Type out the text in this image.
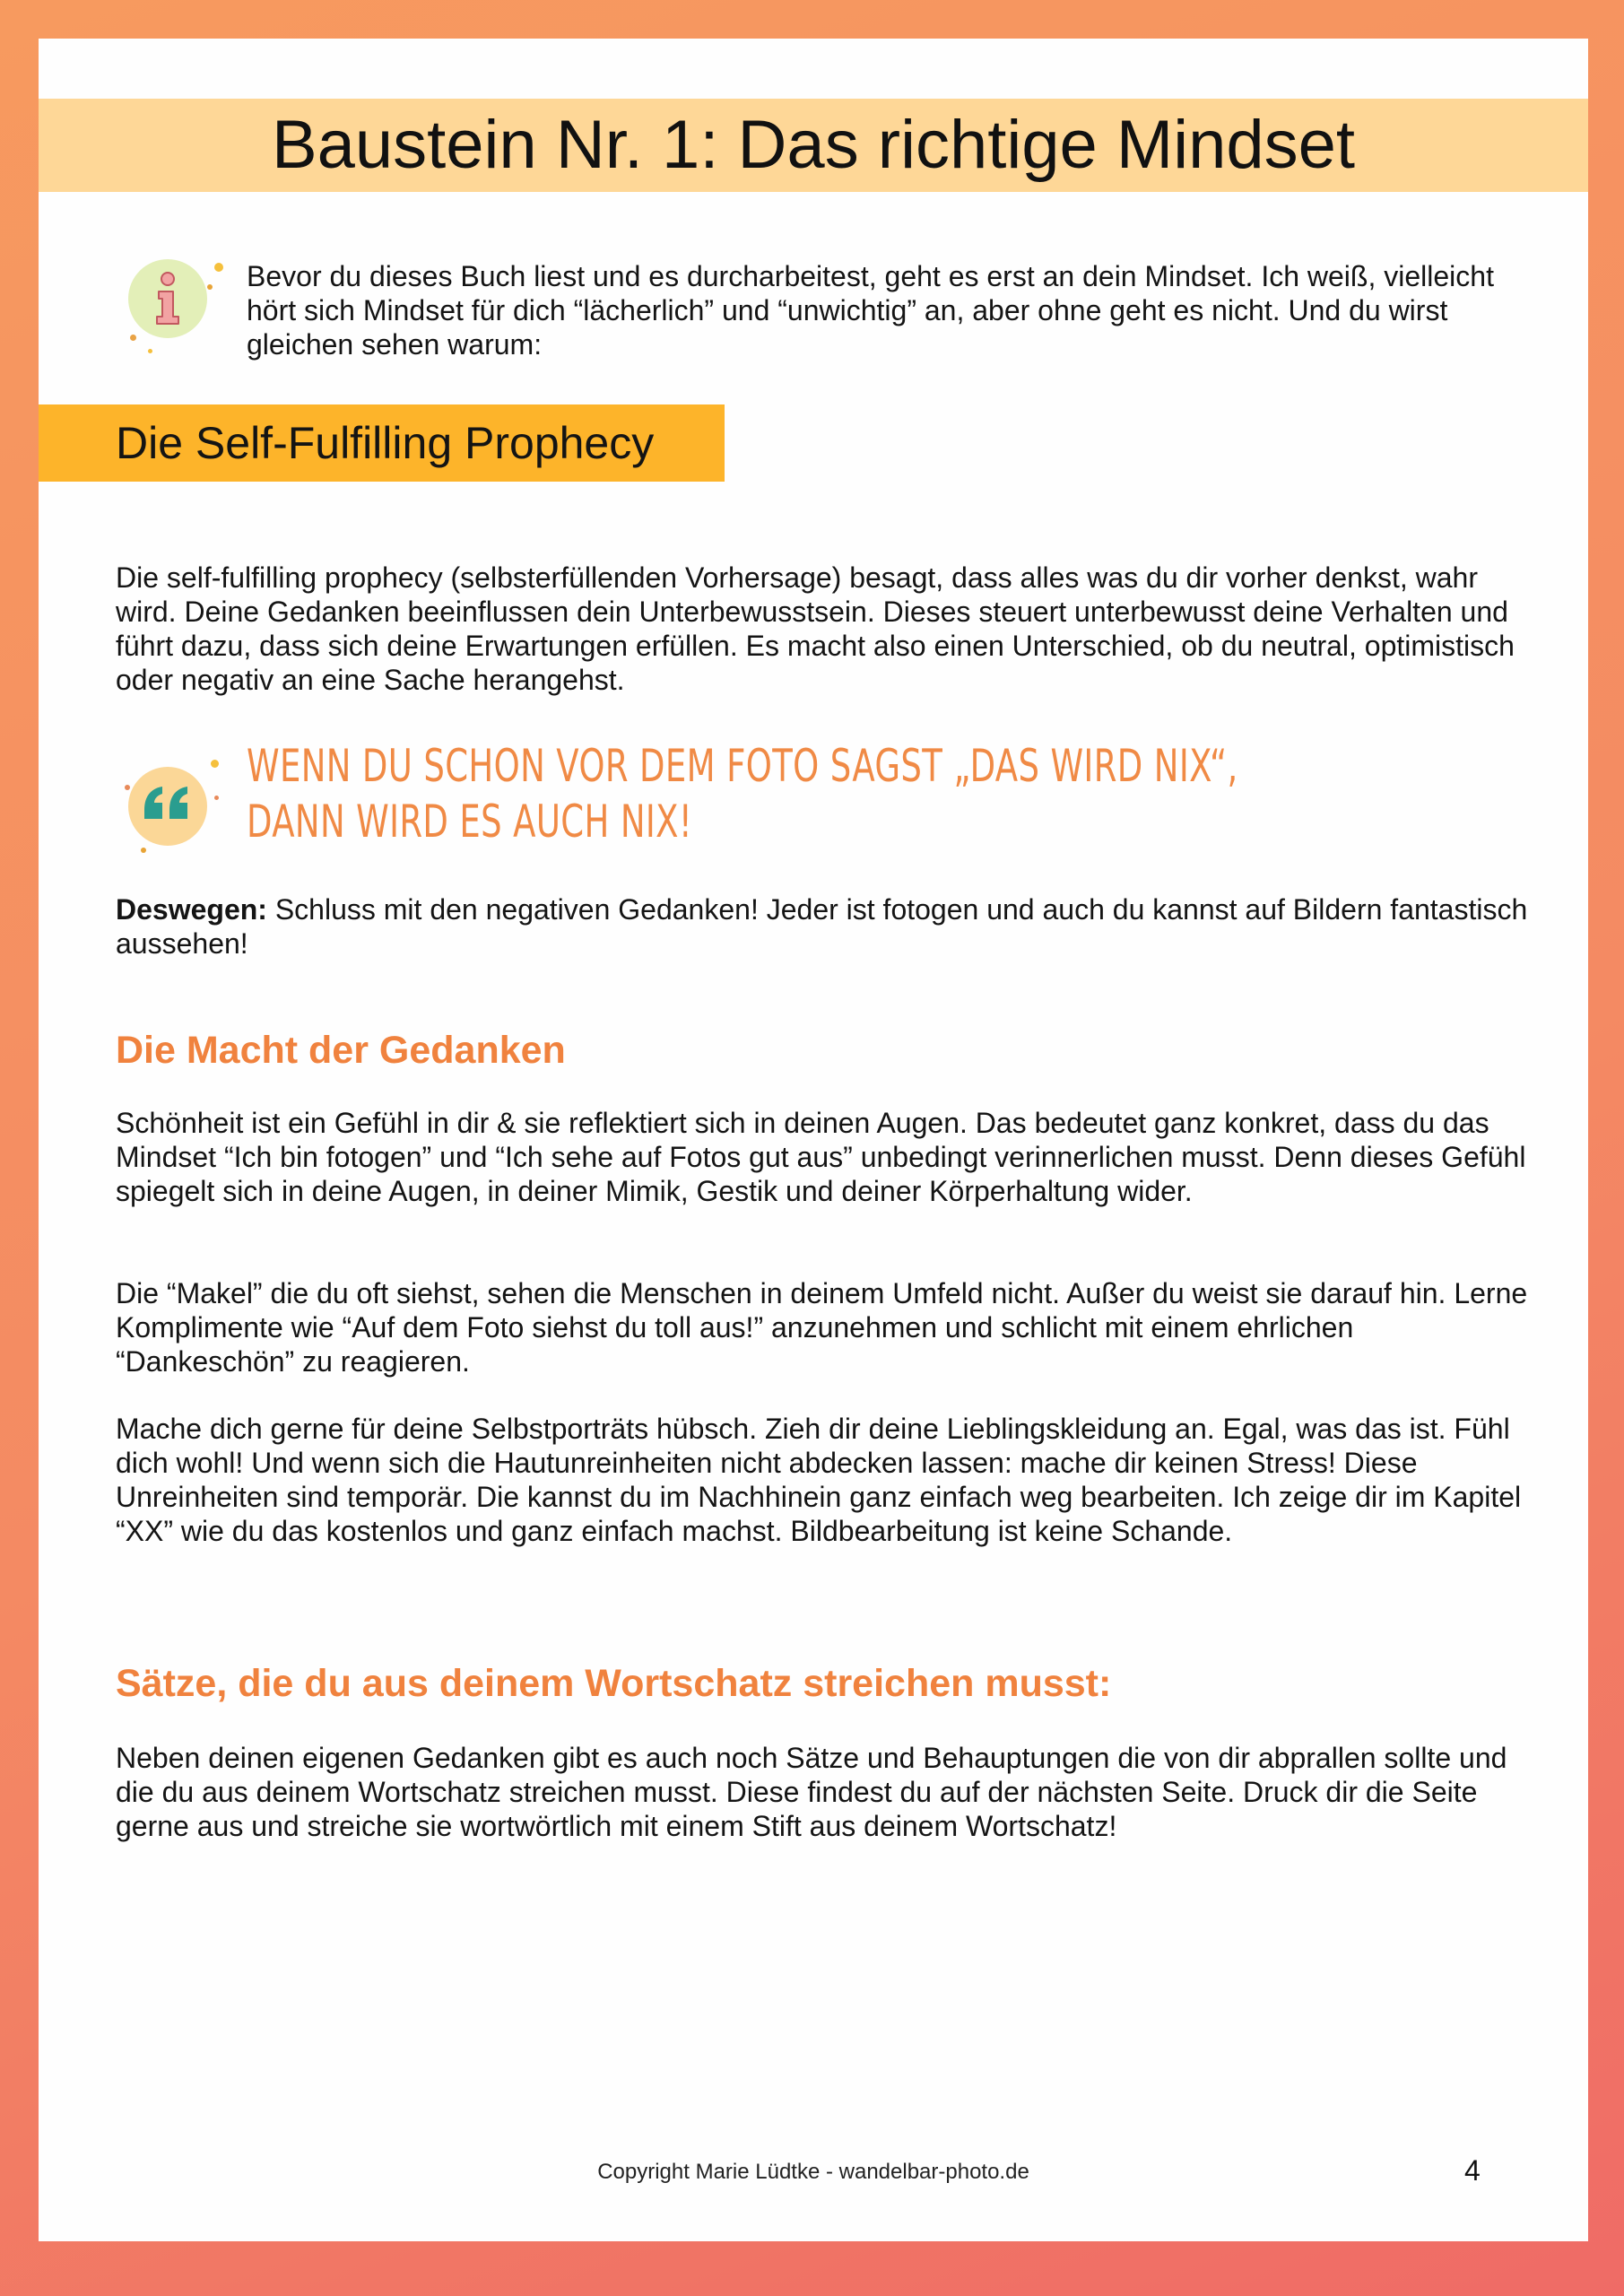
Baustein Nr. 1: Das richtige Mindset

Bevor du dieses Buch liest und es durcharbeitest, geht es erst an dein Mindset. Ich weiß, vielleicht hört sich Mindset für dich “lächerlich” und “unwichtig” an, aber ohne geht es nicht. Und du wirst gleichen sehen warum:

Die Self-Fulfilling Prophecy

Die self-fulfilling prophecy (selbsterfüllenden Vorhersage) besagt, dass alles was du dir vorher denkst, wahr wird. Deine Gedanken beeinflussen dein Unterbewusstsein. Dieses steuert unterbewusst deine Verhalten und führt dazu, dass sich deine Erwartungen erfüllen. Es macht also einen Unterschied, ob du neutral, optimistisch oder negativ an eine Sache herangehst.

WENN DU SCHON VOR DEM FOTO SAGST „DAS WIRD NIX“,
DANN WIRD ES AUCH NIX!

Deswegen: Schluss mit den negativen Gedanken! Jeder ist fotogen und auch du kannst auf Bildern fantastisch aussehen!

Die Macht der Gedanken

Schönheit ist ein Gefühl in dir & sie reflektiert sich in deinen Augen. Das bedeutet ganz konkret, dass du das Mindset “Ich bin fotogen” und “Ich sehe auf Fotos gut aus” unbedingt verinnerlichen musst. Denn dieses Gefühl spiegelt sich in deine Augen, in deiner Mimik, Gestik und deiner Körperhaltung wider.

Die “Makel” die du oft siehst, sehen die Menschen in deinem Umfeld nicht. Außer du weist sie darauf hin. Lerne Komplimente wie “Auf dem Foto siehst du toll aus!” anzunehmen und schlicht mit einem ehrlichen “Dankeschön” zu reagieren.

Mache dich gerne für deine Selbstporträts hübsch. Zieh dir deine Lieblingskleidung an. Egal, was das ist. Fühl dich wohl! Und wenn sich die Hautunreinheiten nicht abdecken lassen: mache dir keinen Stress! Diese Unreinheiten sind temporär. Die kannst du im Nachhinein ganz einfach weg bearbeiten. Ich zeige dir im Kapitel “XX” wie du das kostenlos und ganz einfach machst. Bildbearbeitung ist keine Schande.

Sätze, die du aus deinem Wortschatz streichen musst:

Neben deinen eigenen Gedanken gibt es auch noch Sätze und Behauptungen die von dir abprallen sollte und die du aus deinem Wortschatz streichen musst. Diese findest du auf der nächsten Seite. Druck dir die Seite gerne aus und streiche sie wortwörtlich mit einem Stift aus deinem Wortschatz!

Copyright Marie Lüdtke - wandelbar-photo.de	4
